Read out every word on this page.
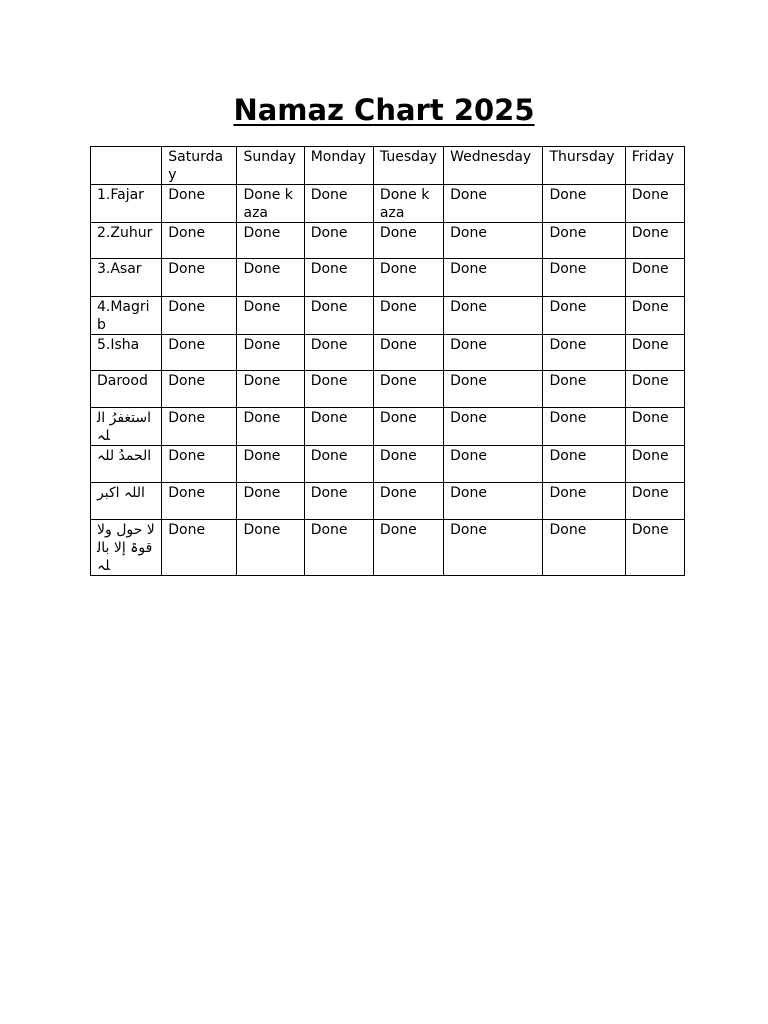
Namaz Chart 2025
	Saturday	Sunday	Monday	Tuesday	Wednesday	Thursday	Friday
1.Fajar	Done	Done kaza	Done	Done kaza	Done	Done	Done
2.Zuhur	Done	Done	Done	Done	Done	Done	Done
3.Asar	Done	Done	Done	Done	Done	Done	Done
4.Magrib	Done	Done	Done	Done	Done	Done	Done
5.Isha	Done	Done	Done	Done	Done	Done	Done
Darood	Done	Done	Done	Done	Done	Done	Done
استغفرُ اللہ	Done	Done	Done	Done	Done	Done	Done
الحمدُ للہ	Done	Done	Done	Done	Done	Done	Done
اللہ اکبر	Done	Done	Done	Done	Done	Done	Done
لا حول ولا قوۃ إلا باللہ	Done	Done	Done	Done	Done	Done	Done
